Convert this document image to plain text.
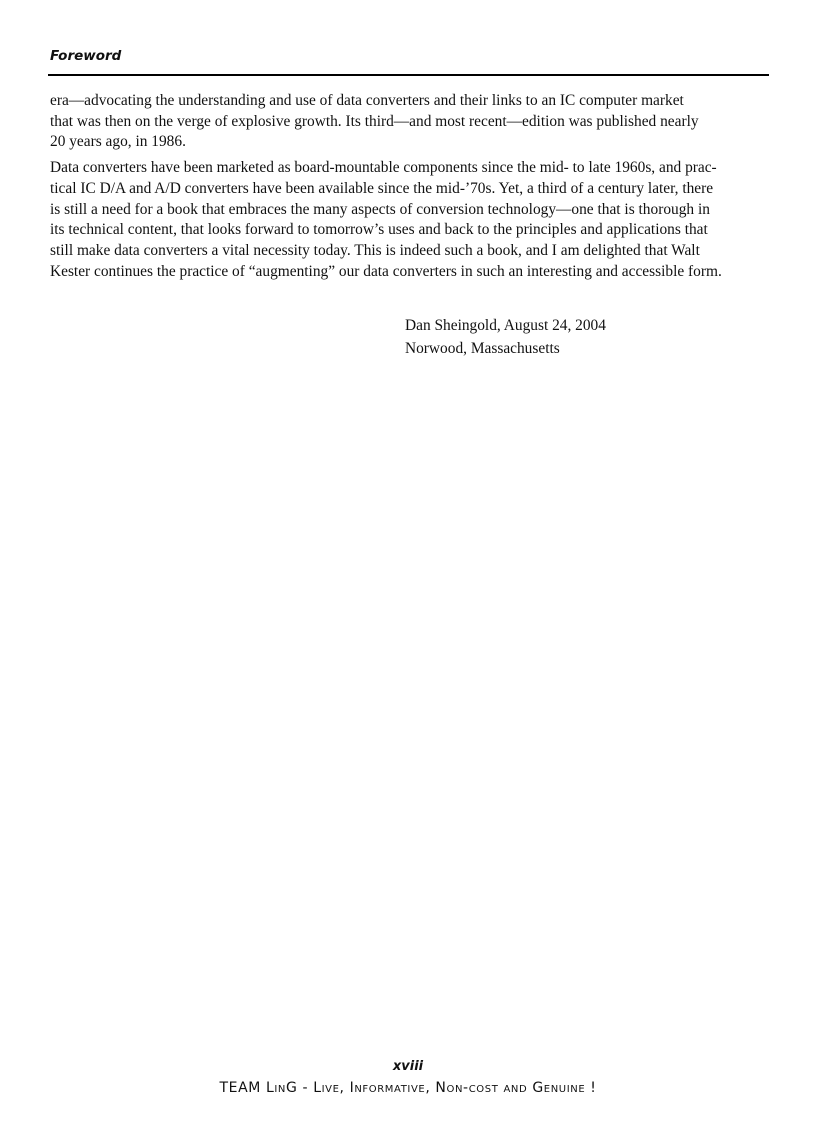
Foreword

era—advocating the understanding and use of data converters and their links to an IC computer market
that was then on the verge of explosive growth. Its third—and most recent—edition was published nearly
20 years ago, in 1986.

Data converters have been marketed as board-mountable components since the mid- to late 1960s, and prac-
tical IC D/A and A/D converters have been available since the mid-’70s. Yet, a third of a century later, there
is still a need for a book that embraces the many aspects of conversion technology—one that is thorough in
its technical content, that looks forward to tomorrow’s uses and back to the principles and applications that
still make data converters a vital necessity today. This is indeed such a book, and I am delighted that Walt
Kester continues the practice of “augmenting” our data converters in such an interesting and accessible form.

Dan Sheingold, August 24, 2004
Norwood, Massachusetts
xviii
TEAM LinG - Live, Informative, Non-cost and Genuine !
